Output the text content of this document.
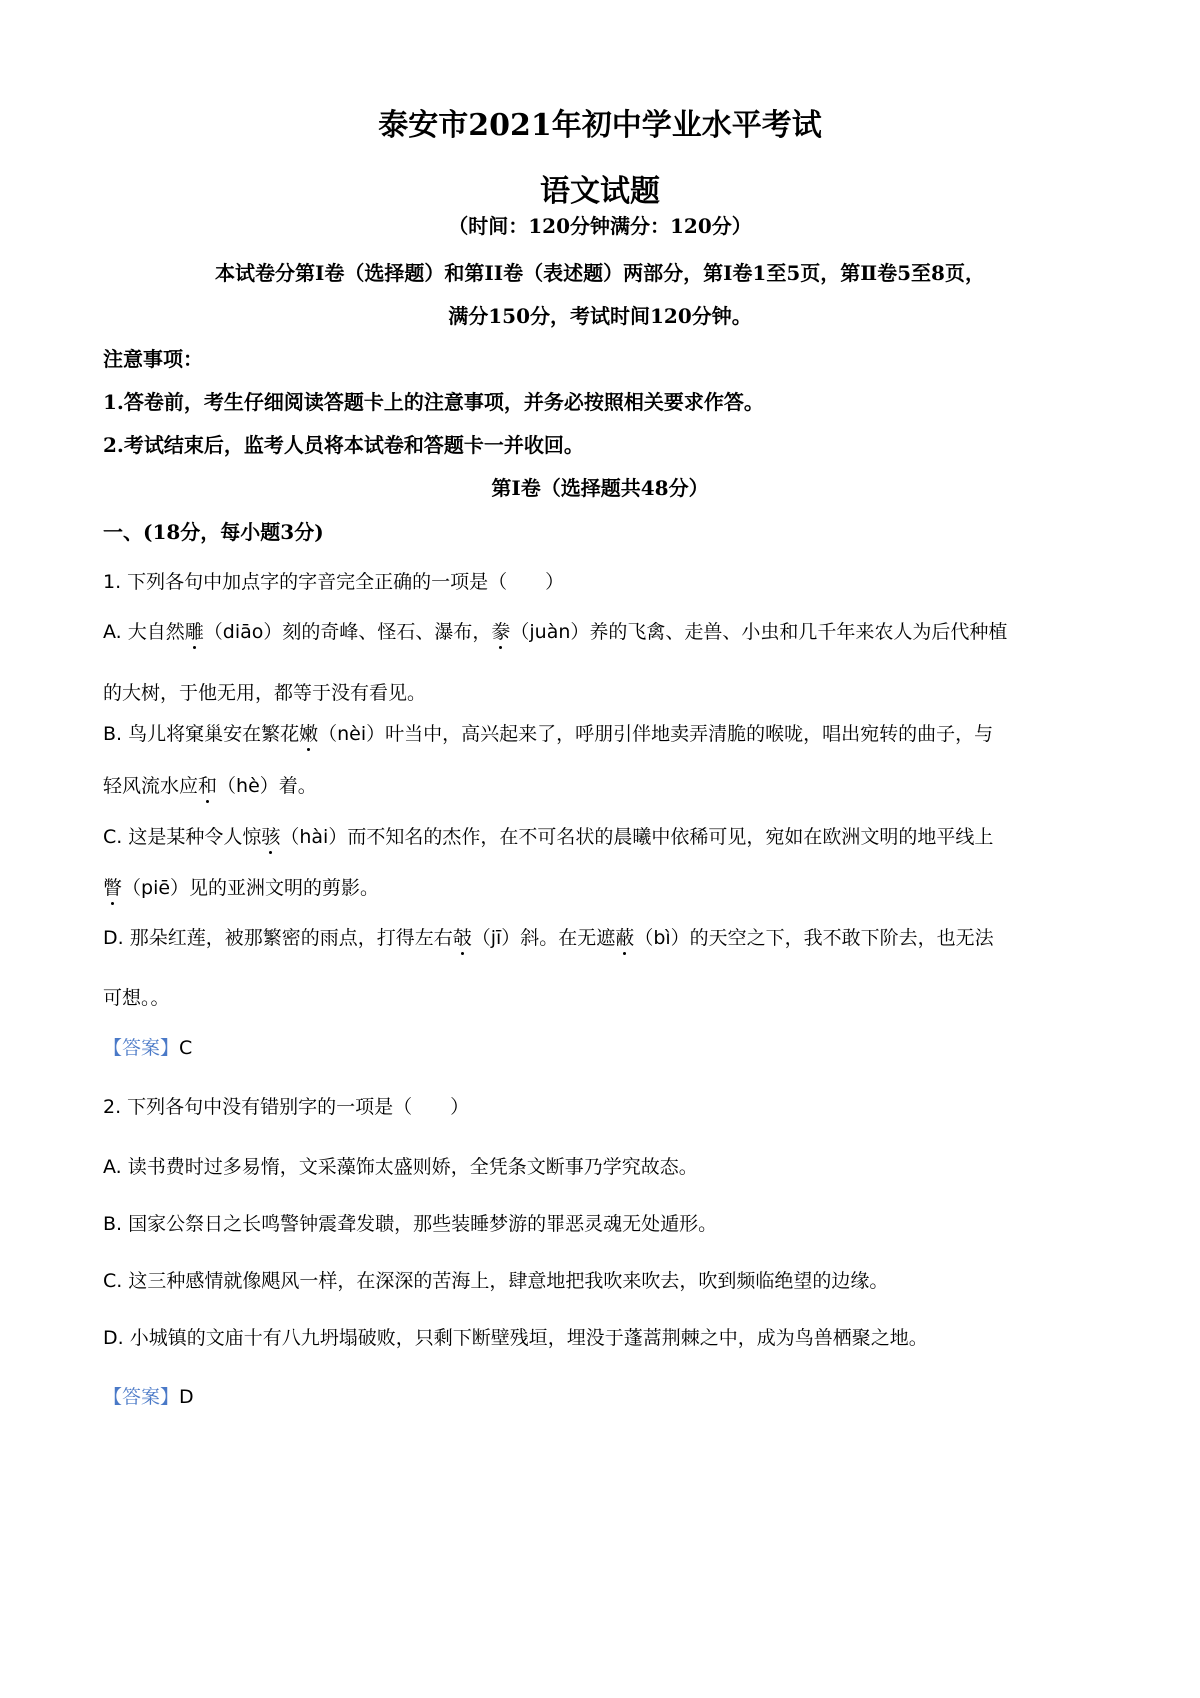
泰安市2021年初中学业水平考试
语文试题
（时间：120分钟满分：120分）
本试卷分第Ⅰ卷（选择题）和第II卷（表述题）两部分，第Ⅰ卷1至5页，第Ⅱ卷5至8页，
满分150分，考试时间120分钟。
注意事项：
1.答卷前，考生仔细阅读答题卡上的注意事项，并务必按照相关要求作答。
2.考试结束后，监考人员将本试卷和答题卡一并收回。
第Ⅰ卷（选择题共48分）
一、(18分，每小题3分)
1. 下列各句中加点字的字音完全正确的一项是（　　）
A. 大自然雕（diāo）刻的奇峰、怪石、瀑布，豢（juàn）养的飞禽、走兽、小虫和几千年来农人为后代种植
的大树，于他无用，都等于没有看见。
B. 鸟儿将窠巢安在繁花嫩（nèi）叶当中，高兴起来了，呼朋引伴地卖弄清脆的喉咙，唱出宛转的曲子，与
轻风流水应和（hè）着。
C. 这是某种令人惊骇（hài）而不知名的杰作，在不可名状的晨曦中依稀可见，宛如在欧洲文明的地平线上
瞥（piē）见的亚洲文明的剪影。
D. 那朵红莲，被那繁密的雨点，打得左右攲（jī）斜。在无遮蔽（bì）的天空之下，我不敢下阶去，也无法
可想。。
【答案】C
2. 下列各句中没有错别字的一项是（　　）
A. 读书费时过多易惰，文采藻饰太盛则娇，全凭条文断事乃学究故态。
B. 国家公祭日之长鸣警钟震聋发聩，那些装睡梦游的罪恶灵魂无处遁形。
C. 这三种感情就像飓风一样，在深深的苦海上，肆意地把我吹来吹去，吹到频临绝望的边缘。
D. 小城镇的文庙十有八九坍塌破败，只剩下断壁残垣，埋没于蓬蒿荆棘之中，成为鸟兽栖聚之地。
【答案】D
